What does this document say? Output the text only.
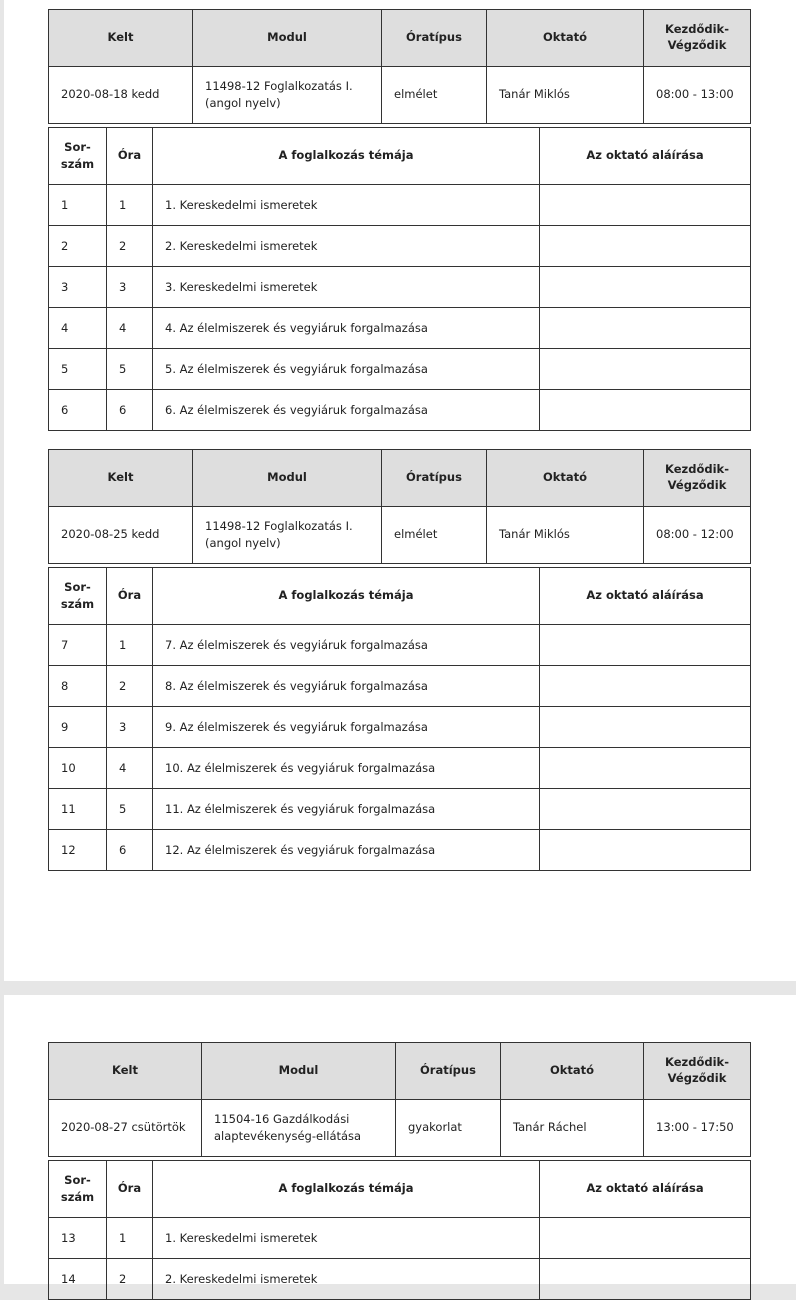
Kelt	Modul	Óratípus	Oktató	Kezdődik-
Végződik
2020-08-18 kedd	11498-12 Foglalkozatás I.
(angol nyelv)	elmélet	Tanár Miklós	08:00 - 13:00
Sor-
szám	Óra	A foglalkozás témája	Az oktató aláírása
1	1	1. Kereskedelmi ismeretek	
2	2	2. Kereskedelmi ismeretek	
3	3	3. Kereskedelmi ismeretek	
4	4	4. Az élelmiszerek és vegyiáruk forgalmazása	
5	5	5. Az élelmiszerek és vegyiáruk forgalmazása	
6	6	6. Az élelmiszerek és vegyiáruk forgalmazása	
Kelt	Modul	Óratípus	Oktató	Kezdődik-
Végződik
2020-08-25 kedd	11498-12 Foglalkozatás I.
(angol nyelv)	elmélet	Tanár Miklós	08:00 - 12:00
Sor-
szám	Óra	A foglalkozás témája	Az oktató aláírása
7	1	7. Az élelmiszerek és vegyiáruk forgalmazása	
8	2	8. Az élelmiszerek és vegyiáruk forgalmazása	
9	3	9. Az élelmiszerek és vegyiáruk forgalmazása	
10	4	10. Az élelmiszerek és vegyiáruk forgalmazása	
11	5	11. Az élelmiszerek és vegyiáruk forgalmazása	
12	6	12. Az élelmiszerek és vegyiáruk forgalmazása	
Kelt	Modul	Óratípus	Oktató	Kezdődik-
Végződik
2020-08-27 csütörtök	11504-16 Gazdálkodási
alaptevékenység-ellátása	gyakorlat	Tanár Ráchel	13:00 - 17:50
Sor-
szám	Óra	A foglalkozás témája	Az oktató aláírása
13	1	1. Kereskedelmi ismeretek	
14	2	2. Kereskedelmi ismeretek	
